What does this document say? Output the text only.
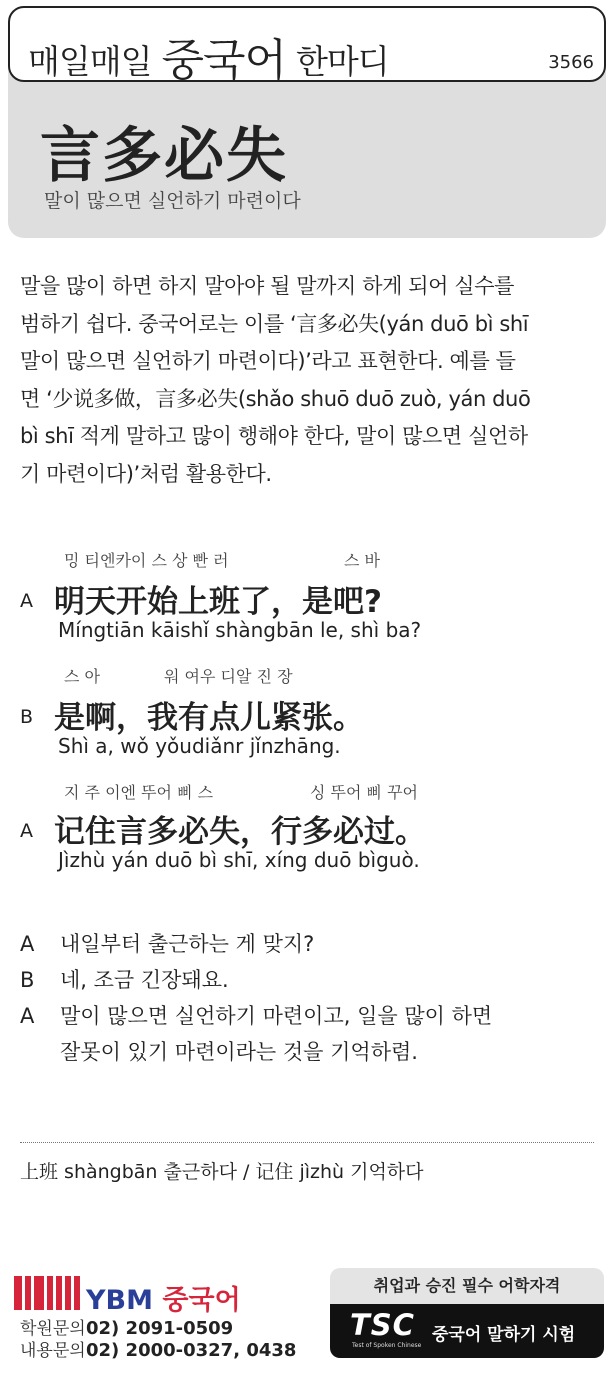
매일매일 중국어 한마디	3566
言多必失
말이 많으면 실언하기 마련이다
말을 많이 하면 하지 말아야 될 말까지 하게 되어 실수를
범하기 쉽다. 중국어로는 이를 ‘言多必失(yán duō bì shī
말이 많으면 실언하기 마련이다)’라고 표현한다. 예를 들
면 ‘少说多做，言多必失(shǎo shuō duō zuò, yán duō
bì shī 적게 말하고 많이 행해야 한다, 말이 많으면 실언하
기 마련이다)’처럼 활용한다.
밍 티엔카이 스 상 빤 러	스 바
A 明天开始上班了，是吧?
Míngtiān kāishǐ shàngbān le, shì ba?
스 아	워 여우 디알 진 장
B 是啊，我有点儿紧张。
Shì a, wǒ yǒudiǎnr jǐnzhāng.
지 주 이엔 뚜어 삐 스	싱 뚜어 삐 꾸어
A 记住言多必失，行多必过。
Jìzhù yán duō bì shī, xíng duō bìguò.
A 내일부터 출근하는 게 맞지?
B 네, 조금 긴장돼요.
A 말이 많으면 실언하기 마련이고, 일을 많이 하면
잘못이 있기 마련이라는 것을 기억하렴.
上班 shàngbān 출근하다 / 记住 jìzhù 기억하다
YBM 중국어
학원문의02) 2091-0509
내용문의02) 2000-0327, 0438
취업과 승진 필수 어학자격
TSC
Test of Spoken Chinese
중국어 말하기 시험
